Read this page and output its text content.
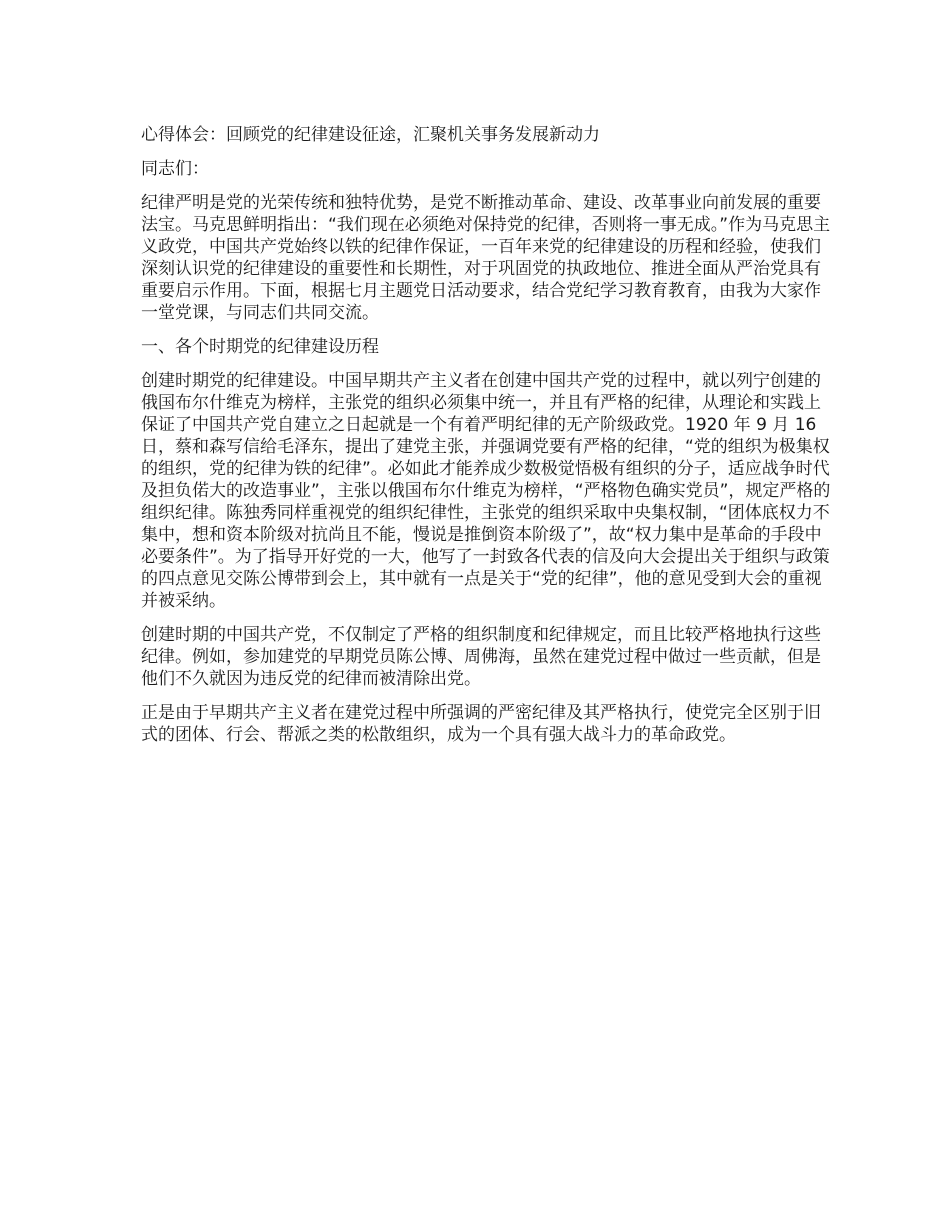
心得体会：回顾党的纪律建设征途，汇聚机关事务发展新动力

同志们：

纪律严明是党的光荣传统和独特优势，是党不断推动革命、建设、改革事业向前发展的重要法宝。马克思鲜明指出：“我们现在必须绝对保持党的纪律，否则将一事无成。”作为马克思主义政党，中国共产党始终以铁的纪律作保证，一百年来党的纪律建设的历程和经验，使我们深刻认识党的纪律建设的重要性和长期性，对于巩固党的执政地位、推进全面从严治党具有重要启示作用。下面，根据七月主题党日活动要求，结合党纪学习教育教育，由我为大家作一堂党课，与同志们共同交流。

一、各个时期党的纪律建设历程

创建时期党的纪律建设。中国早期共产主义者在创建中国共产党的过程中，就以列宁创建的俄国布尔什维克为榜样，主张党的组织必须集中统一，并且有严格的纪律，从理论和实践上保证了中国共产党自建立之日起就是一个有着严明纪律的无产阶级政党。1920 年 9 月 16 日，蔡和森写信给毛泽东，提出了建党主张，并强调党要有严格的纪律，“党的组织为极集权的组织，党的纪律为铁的纪律”。必如此才能养成少数极觉悟极有组织的分子，适应战争时代及担负偌大的改造事业”，主张以俄国布尔什维克为榜样，“严格物色确实党员”，规定严格的组织纪律。陈独秀同样重视党的组织纪律性，主张党的组织采取中央集权制，“团体底权力不集中，想和资本阶级对抗尚且不能，慢说是推倒资本阶级了”，故“权力集中是革命的手段中必要条件”。为了指导开好党的一大，他写了一封致各代表的信及向大会提出关于组织与政策的四点意见交陈公博带到会上，其中就有一点是关于“党的纪律”，他的意见受到大会的重视并被采纳。

创建时期的中国共产党，不仅制定了严格的组织制度和纪律规定，而且比较严格地执行这些纪律。例如，参加建党的早期党员陈公博、周佛海，虽然在建党过程中做过一些贡献，但是他们不久就因为违反党的纪律而被清除出党。

正是由于早期共产主义者在建党过程中所强调的严密纪律及其严格执行，使党完全区别于旧式的团体、行会、帮派之类的松散组织，成为一个具有强大战斗力的革命政党。
